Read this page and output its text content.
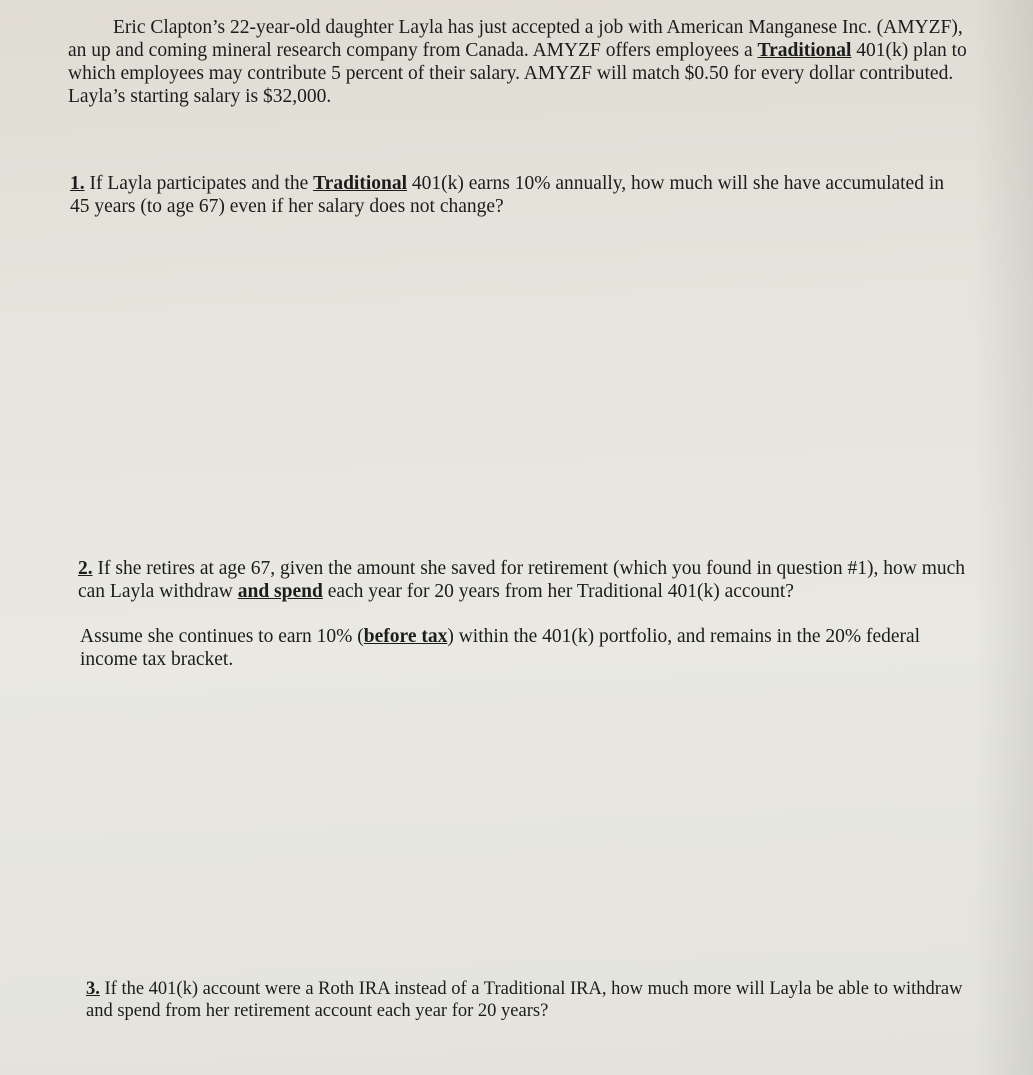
Eric Clapton’s 22-year-old daughter Layla has just accepted a job with American Manganese Inc. (AMYZF), an up and coming mineral research company from Canada. AMYZF offers employees a Traditional 401(k) plan to which employees may contribute 5 percent of their salary. AMYZF will match $0.50 for every dollar contributed. Layla’s starting salary is $32,000.

1. If Layla participates and the Traditional 401(k) earns 10% annually, how much will she have accumulated in 45 years (to age 67) even if her salary does not change?

2. If she retires at age 67, given the amount she saved for retirement (which you found in question #1), how much can Layla withdraw and spend each year for 20 years from her Traditional 401(k) account?

Assume she continues to earn 10% (before tax) within the 401(k) portfolio, and remains in the 20% federal income tax bracket.

3. If the 401(k) account were a Roth IRA instead of a Traditional IRA, how much more will Layla be able to withdraw and spend from her retirement account each year for 20 years?
